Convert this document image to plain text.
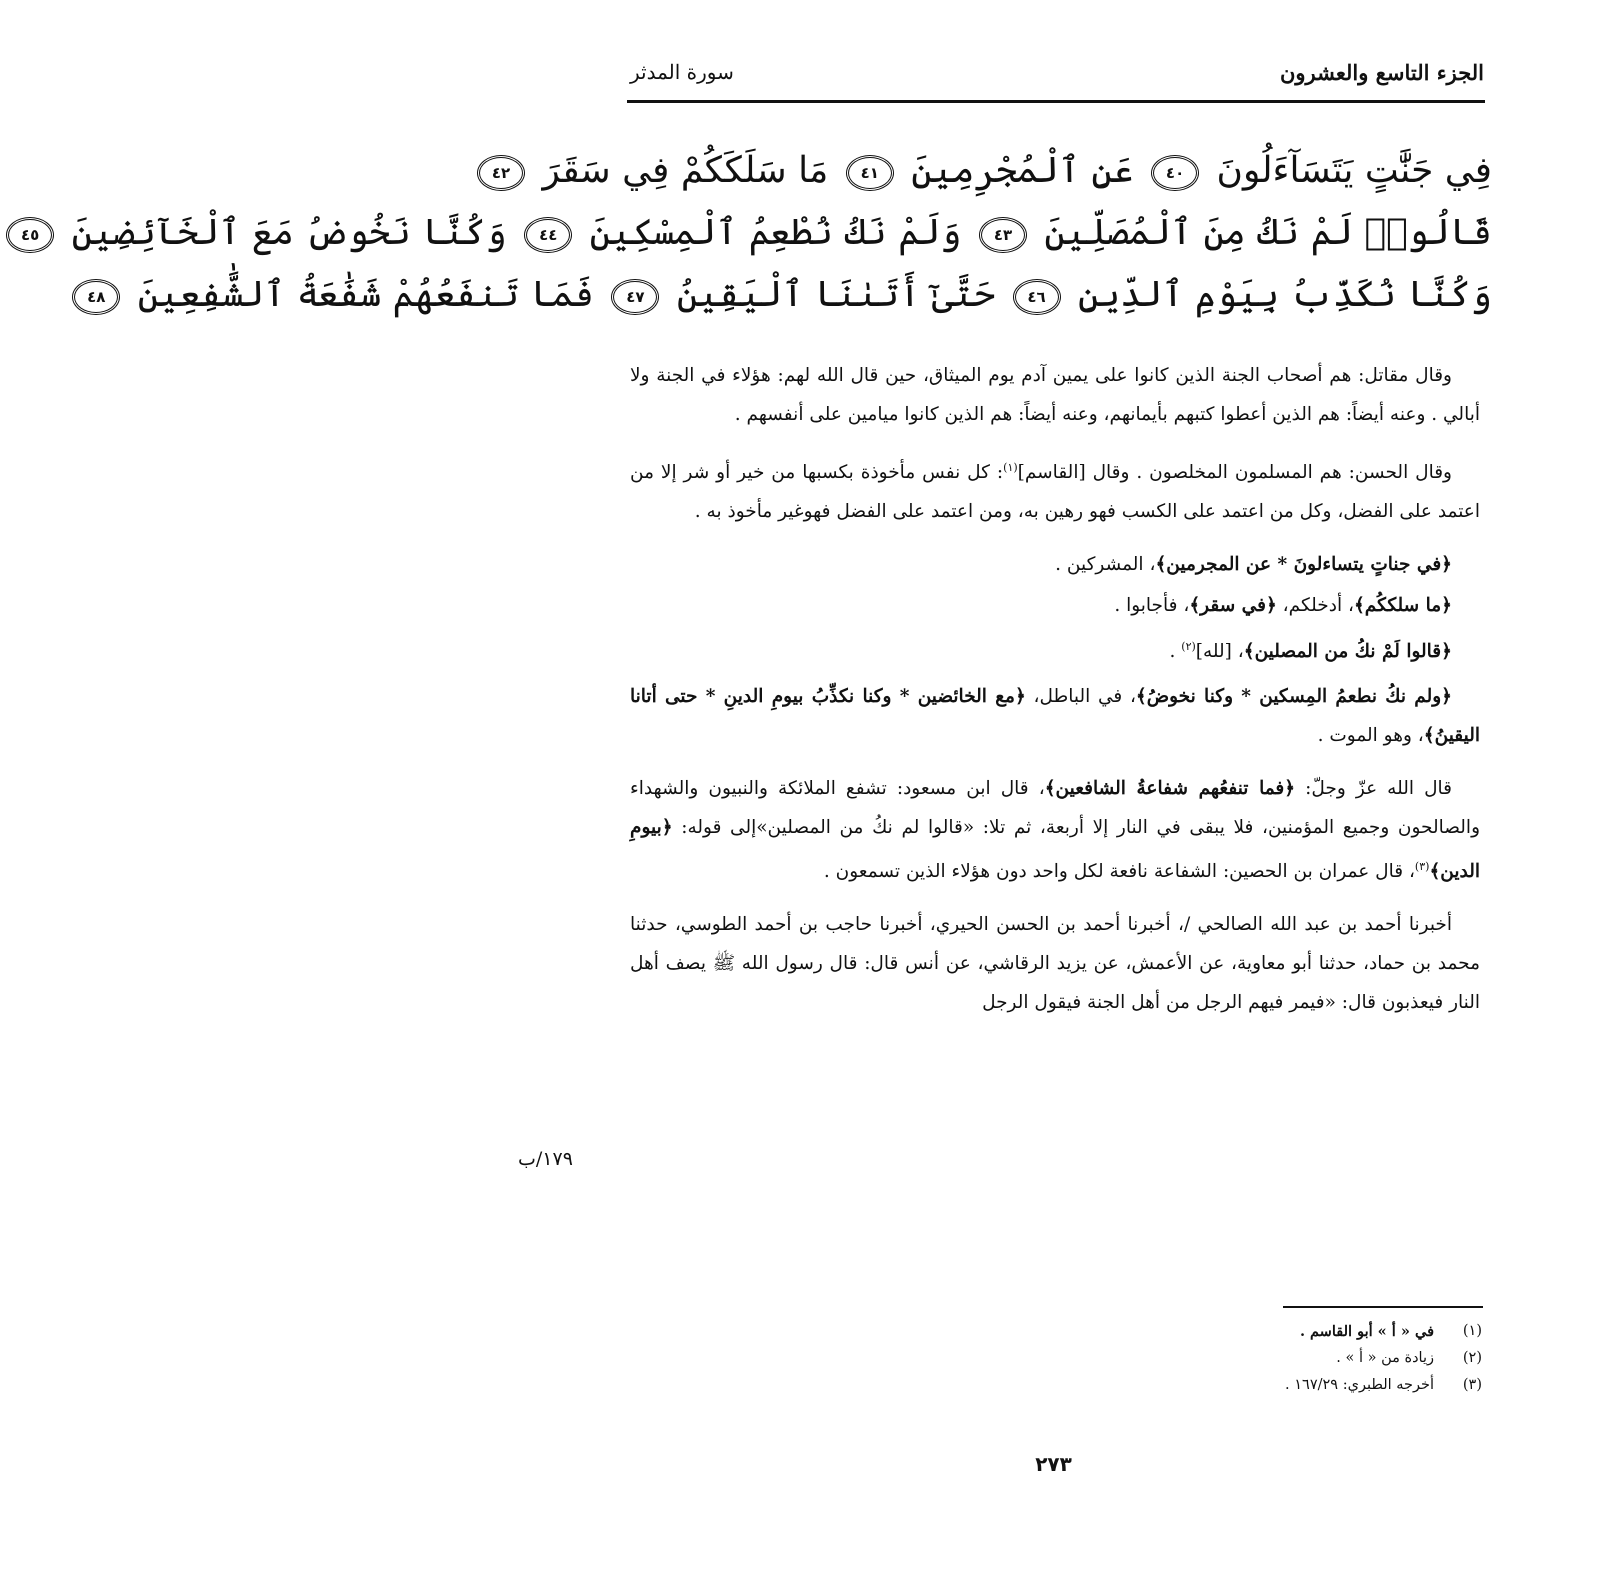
الجزء التاسع والعشرون
سورة المدثر
فِي جَنَّٰتٍ يَتَسَآءَلُونَ ٤٠ عَنِ ٱلْمُجْرِمِينَ ٤١ مَا سَلَكَكُمْ فِي سَقَرَ ٤٢
قَالُوا۟ لَمْ نَكُ مِنَ ٱلْمُصَلِّينَ ٤٣ وَلَمْ نَكُ نُطْعِمُ ٱلْمِسْكِينَ ٤٤ وَكُنَّا نَخُوضُ مَعَ ٱلْخَآئِضِينَ ٤٥
وَكُنَّا نُكَذِّبُ بِيَوْمِ ٱلدِّينِ ٤٦ حَتَّىٰٓ أَتَىٰنَا ٱلْيَقِينُ ٤٧ فَمَا تَنفَعُهُمْ شَفَٰعَةُ ٱلشَّٰفِعِينَ ٤٨

وقال مقاتل: هم أصحاب الجنة الذين كانوا على يمين آدم يوم الميثاق، حين قال الله لهم: هؤلاء في الجنة ولا أبالي . وعنه أيضاً: هم الذين أعطوا كتبهم بأيمانهم، وعنه أيضاً: هم الذين كانوا ميامين على أنفسهم .

وقال الحسن: هم المسلمون المخلصون . وقال [القاسم]$^{(١)}$: كل نفس مأخوذة بكسبها من خير أو شر إلا من اعتمد على الفضل، وكل من اعتمد على الكسب فهو رهين به، ومن اعتمد على الفضل فهوغير مأخوذ به .

﴿في جناتٍ يتساءلونَ * عن المجرمين﴾، المشركين .

﴿ما سلككُم﴾، أدخلكم، ﴿في سقر﴾، فأجابوا .

﴿قالوا لَمْ نكُ من المصلين﴾، [لله]$^{(٢)}$ .

﴿ولم نكُ نطعمُ المِسكين * وكنا نخوضُ﴾، في الباطل، ﴿مع الخائضين * وكنا نكذِّبُ بيومِ الدينِ * حتى أتانا اليقينُ﴾، وهو الموت .

قال الله عزّ وجلّ: ﴿فما تنفعُهم شفاعةُ الشافعين﴾، قال ابن مسعود: تشفع الملائكة والنبيون والشهداء والصالحون وجميع المؤمنين، فلا يبقى في النار إلا أربعة، ثم تلا: «قالوا لم نكُ من المصلين»إلى قوله: ﴿بيومِ الدين﴾$^{(٣)}$، قال عمران بن الحصين: الشفاعة نافعة لكل واحد دون هؤلاء الذين تسمعون .

أخبرنا أحمد بن عبد الله الصالحي /، أخبرنا أحمد بن الحسن الحيري، أخبرنا حاجب بن أحمد الطوسي، حدثنا محمد بن حماد، حدثنا أبو معاوية، عن الأعمش، عن يزيد الرقاشي، عن أنس قال: قال رسول الله ﷺ يصف أهل النار فيعذبون قال: «فيمر فيهم الرجل من أهل الجنة فيقول الرجل

١٧٩/ب
(١)
في « أ » أبو القاسم .
(٢)
زيادة من « أ » .
(٣)
أخرجه الطبري: ١٦٧/٢٩ .
٢٧٣
